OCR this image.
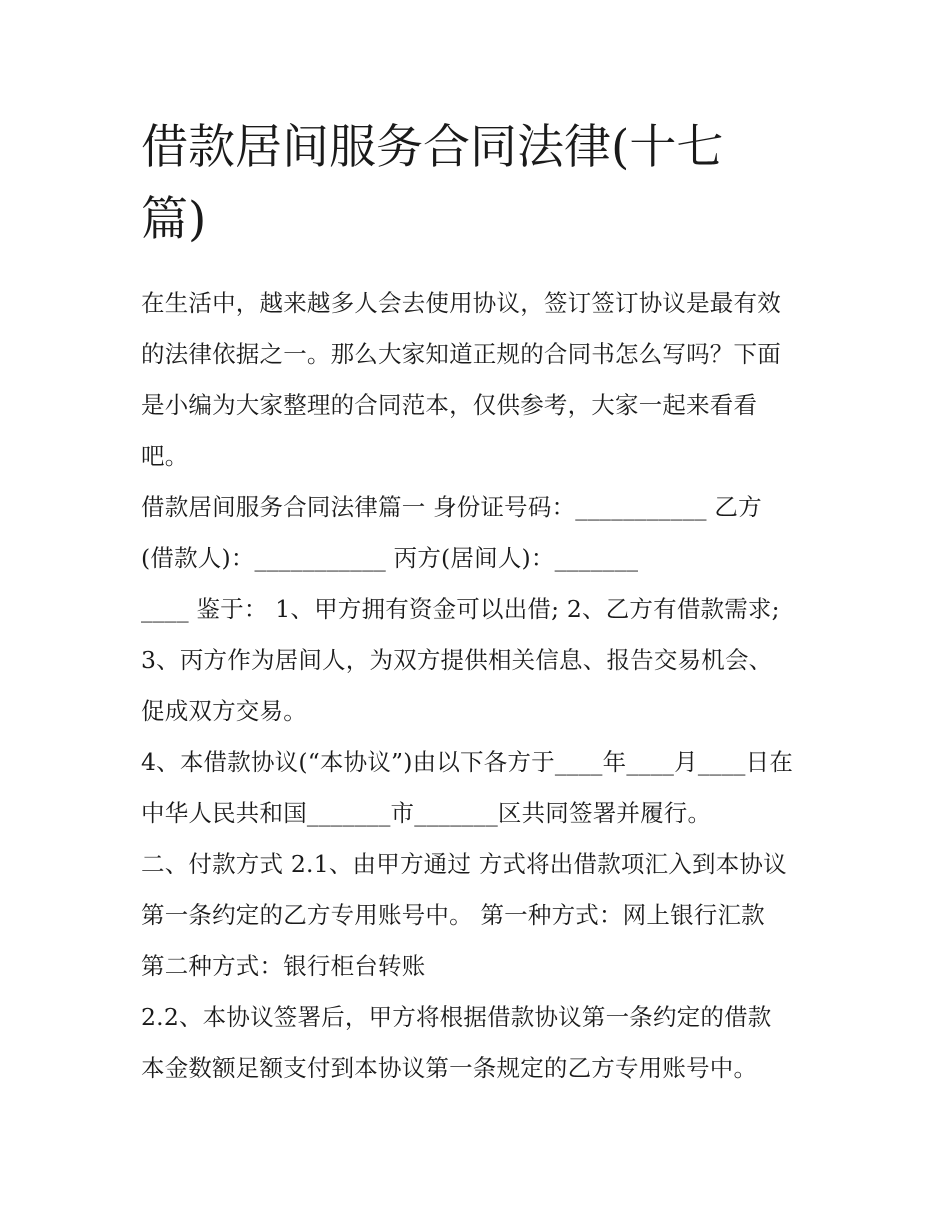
借款居间服务合同法律(十七
篇)

在生活中，越来越多人会去使用协议，签订签订协议是最有效
的法律依据之一。那么大家知道正规的合同书怎么写吗？下面
是小编为大家整理的合同范本，仅供参考，大家一起来看看
吧。

借款居间服务合同法律篇一 身份证号码：___________ 乙方
(借款人)：___________ 丙方(居间人)：_______
____ 鉴于： 1、甲方拥有资金可以出借; 2、乙方有借款需求;
3、丙方作为居间人，为双方提供相关信息、报告交易机会、
促成双方交易。

4、本借款协议(“本协议”)由以下各方于____年____月____日在
中华人民共和国_______市_______区共同签署并履行。

二、付款方式 2.1、由甲方通过 方式将出借款项汇入到本协议
第一条约定的乙方专用账号中。 第一种方式：网上银行汇款
第二种方式：银行柜台转账

2.2、本协议签署后，甲方将根据借款协议第一条约定的借款
本金数额足额支付到本协议第一条规定的乙方专用账号中。
